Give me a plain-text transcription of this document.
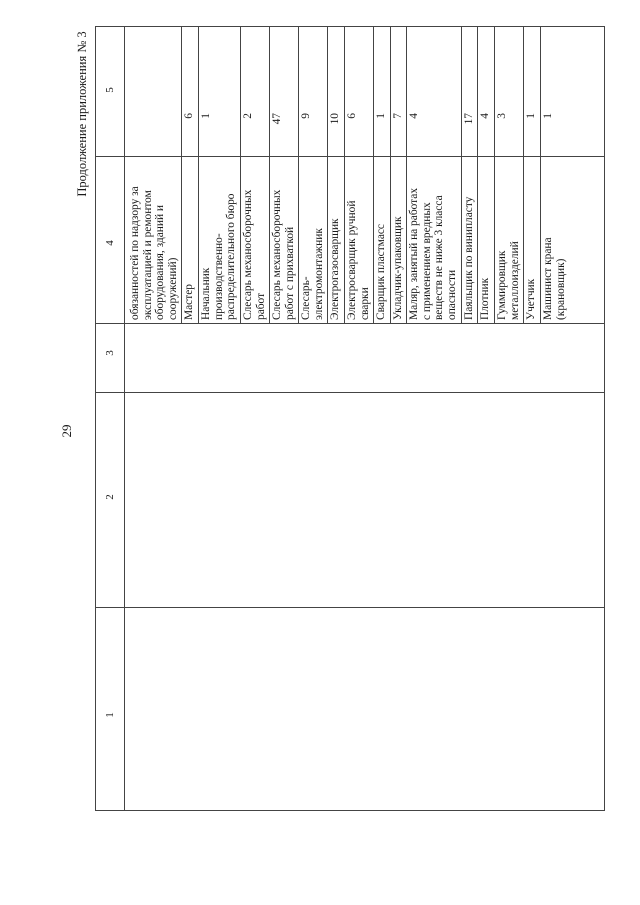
29
Продолжение приложения № 3
1
2
3
4
5
обязанностей по надзору за эксплуатацией и ремонтом оборудования, зданий и сооружений) Мастер
6
Начальник производственно- распределительного бюро
1
Слесарь механосборочных работ
2
Слесарь механосборочных работ с прихваткой
47
Слесарь- электромонтажник
9
Электрогазосварщик
10
Электросварщик ручной сварки
6
Сварщик пластмасс
1
Укладчик-упаковщик
7
Маляр, занятый на работах с применением вредных веществ не ниже 3 класса опасности
4
Паяльщик по винипласту
17
Плотник
4
Гуммировщик металлоизделий
3
Учетчик
1
Машинист крана (крановщик)
1
